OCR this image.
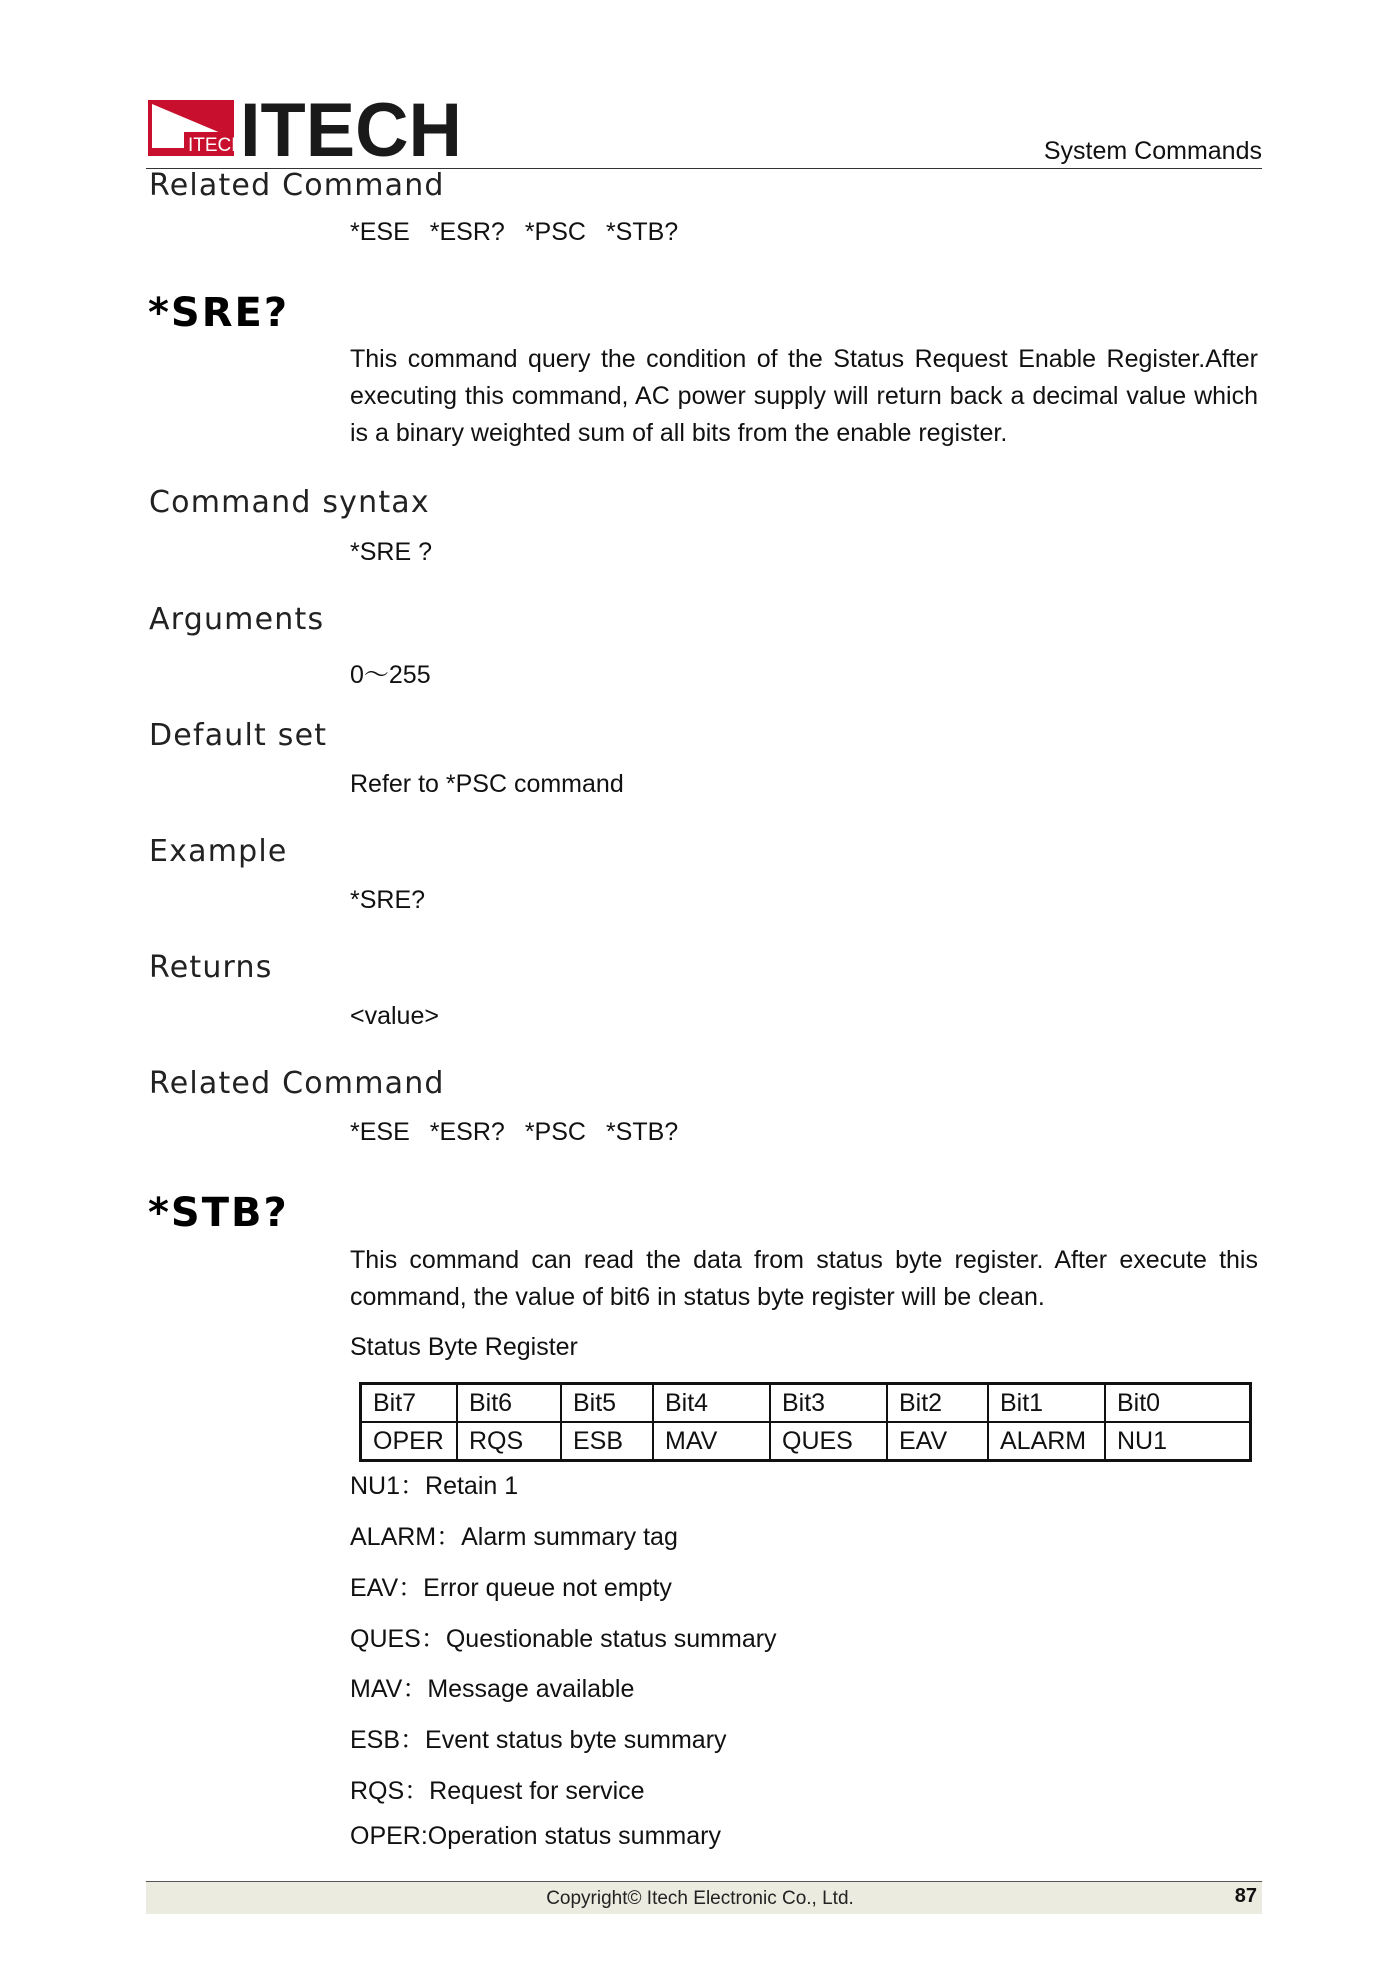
ITECH
ITECH	System Commands
Related Command
*ESE *ESR? *PSC *STB?
*SRE?
This command query the condition of the Status Request Enable Register.After executing this command, AC power supply will return back a decimal value which is a binary weighted sum of all bits from the enable register.
Command syntax
*SRE ?
Arguments
0～255
Default set
Refer to *PSC command
Example
*SRE?
Returns
<value>
Related Command
*ESE *ESR? *PSC *STB?
*STB?
This command can read the data from status byte register. After execute this command, the value of bit6 in status byte register will be clean.
Status Byte Register
Bit7	Bit6	Bit5	Bit4	Bit3	Bit2	Bit1	Bit0
OPER	RQS	ESB	MAV	QUES	EAV	ALARM	NU1
NU1：Retain 1
ALARM：Alarm summary tag
EAV：Error queue not empty
QUES：Questionable status summary
MAV：Message available
ESB：Event status byte summary
RQS：Request for service
OPER:Operation status summary
Copyright© Itech Electronic Co., Ltd.	87
